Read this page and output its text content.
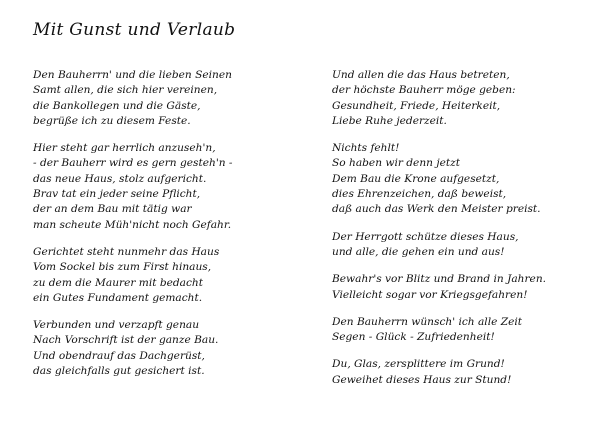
Mit Gunst und Verlaub
Den Bauherrn' und die lieben Seinen
Samt allen, die sich hier vereinen,
die Bankollegen und die Gäste,
begrüße ich zu diesem Feste.
Hier steht gar herrlich anzuseh'n,
- der Bauherr wird es gern gesteh'n -
das neue Haus, stolz aufgericht.
Brav tat ein jeder seine Pflicht,
der an dem Bau mit tätig war
man scheute Müh'nicht noch Gefahr.
Gerichtet steht nunmehr das Haus
Vom Sockel bis zum First hinaus,
zu dem die Maurer mit bedacht
ein Gutes Fundament gemacht.
Verbunden und verzapft genau
Nach Vorschrift ist der ganze Bau.
Und obendrauf das Dachgerüst,
das gleichfalls gut gesichert ist.
Und allen die das Haus betreten,
der höchste Bauherr möge geben:
Gesundheit, Friede, Heiterkeit,
Liebe Ruhe jederzeit.
Nichts fehlt!
So haben wir denn jetzt
Dem Bau die Krone aufgesetzt,
dies Ehrenzeichen, daß beweist,
daß auch das Werk den Meister preist.
Der Herrgott schütze dieses Haus,
und alle, die gehen ein und aus!
Bewahr's vor Blitz und Brand in Jahren.
Vielleicht sogar vor Kriegsgefahren!
Den Bauherrn wünsch' ich alle Zeit
Segen - Glück - Zufriedenheit!
Du, Glas, zersplittere im Grund!
Geweihet dieses Haus zur Stund!
